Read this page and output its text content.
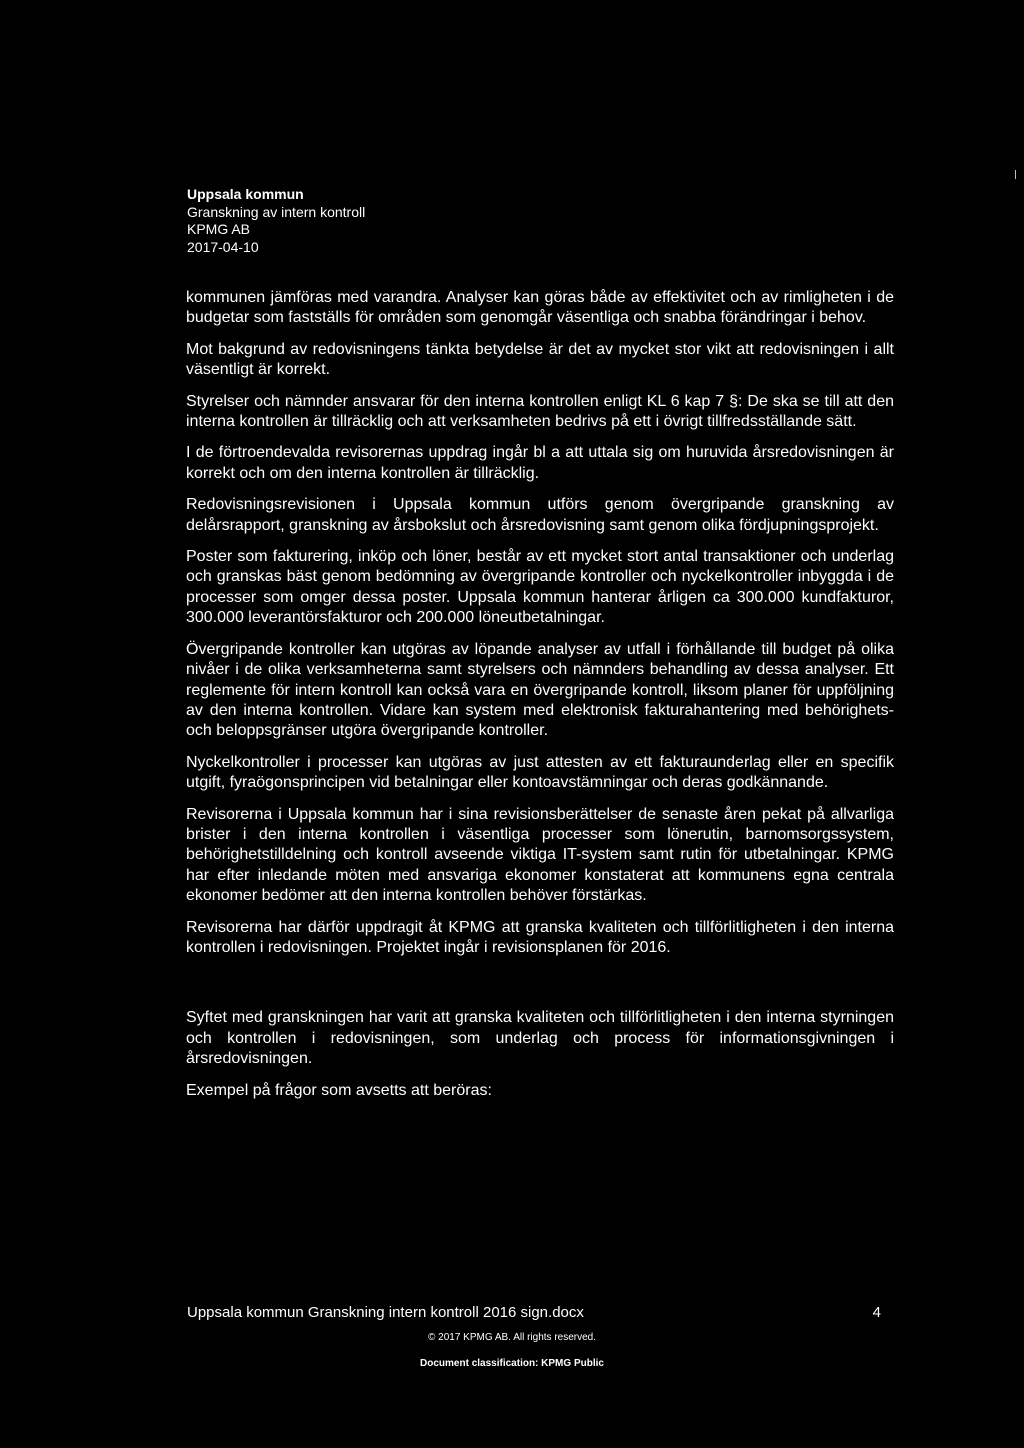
Uppsala kommun
Granskning av intern kontroll
KPMG AB
2017-04-10

kommunen jämföras med varandra. Analyser kan göras både av effektivitet och av rimligheten i de budgetar som fastställs för områden som genomgår väsentliga och snabba förändringar i behov.

Mot bakgrund av redovisningens tänkta betydelse är det av mycket stor vikt att redovisningen i allt väsentligt är korrekt.

Styrelser och nämnder ansvarar för den interna kontrollen enligt KL 6 kap 7 §: De ska se till att den interna kontrollen är tillräcklig och att verksamheten bedrivs på ett i övrigt tillfredsställande sätt.

I de förtroendevalda revisorernas uppdrag ingår bl a att uttala sig om huruvida årsredovisningen är korrekt och om den interna kontrollen är tillräcklig.

Redovisningsrevisionen i Uppsala kommun utförs genom övergripande granskning av delårsrapport, granskning av årsbokslut och årsredovisning samt genom olika fördjupningsprojekt.

Poster som fakturering, inköp och löner, består av ett mycket stort antal transaktioner och underlag och granskas bäst genom bedömning av övergripande kontroller och nyckelkontroller inbyggda i de processer som omger dessa poster. Uppsala kommun hanterar årligen ca 300.000 kundfakturor, 300.000 leverantörsfakturor och 200.000 löneutbetalningar.

Övergripande kontroller kan utgöras av löpande analyser av utfall i förhållande till budget på olika nivåer i de olika verksamheterna samt styrelsers och nämnders behandling av dessa analyser. Ett reglemente för intern kontroll kan också vara en övergripande kontroll, liksom planer för uppföljning av den interna kontrollen. Vidare kan system med elektronisk fakturahantering med behörighets- och beloppsgränser utgöra övergripande kontroller.

Nyckelkontroller i processer kan utgöras av just attesten av ett fakturaunderlag eller en specifik utgift, fyraögonsprincipen vid betalningar eller kontoavstämningar och deras godkännande.

Revisorerna i Uppsala kommun har i sina revisionsberättelser de senaste åren pekat på allvarliga brister i den interna kontrollen i väsentliga processer som lönerutin, barnomsorgssystem, behörighetstilldelning och kontroll avseende viktiga IT-system samt rutin för utbetalningar. KPMG har efter inledande möten med ansvariga ekonomer konstaterat att kommunens egna centrala ekonomer bedömer att den interna kontrollen behöver förstärkas.

Revisorerna har därför uppdragit åt KPMG att granska kvaliteten och tillförlitligheten i den interna kontrollen i redovisningen. Projektet ingår i revisionsplanen för 2016.

Syftet med granskningen har varit att granska kvaliteten och tillförlitligheten i den interna styrningen och kontrollen i redovisningen, som underlag och process för informationsgivningen i årsredovisningen.

Exempel på frågor som avsetts att beröras:

Uppsala kommun Granskning intern kontroll 2016 sign.docx	4
© 2017 KPMG AB. All rights reserved.
Document classification: KPMG Public
